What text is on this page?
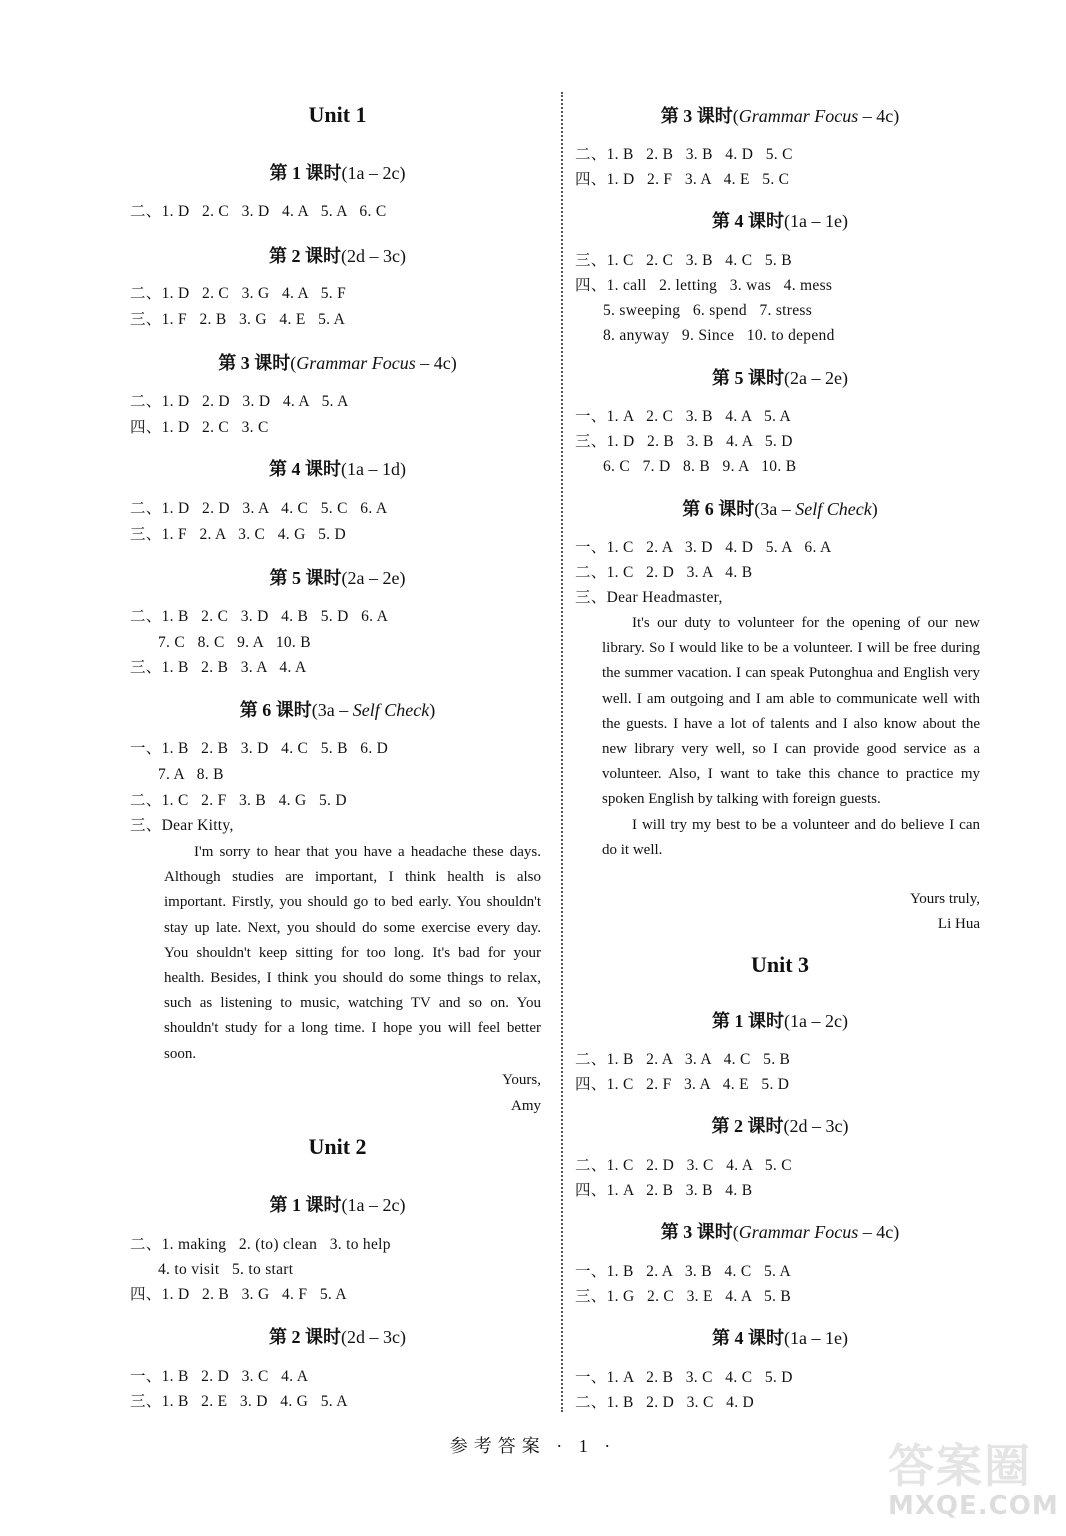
Unit 1
第 1 课时(1a – 2c)
二、1. D   2. C   3. D   4. A   5. A   6. C
第 2 课时(2d – 3c)
二、1. D   2. C   3. G   4. A   5. F
三、1. F   2. B   3. G   4. E   5. A
第 3 课时(Grammar Focus – 4c)
二、1. D   2. D   3. D   4. A   5. A
四、1. D   2. C   3. C
第 4 课时(1a – 1d)
二、1. D   2. D   3. A   4. C   5. C   6. A
三、1. F   2. A   3. C   4. G   5. D
第 5 课时(2a – 2e)
二、1. B   2. C   3. D   4. B   5. D   6. A
7. C   8. C   9. A   10. B
三、1. B   2. B   3. A   4. A
第 6 课时(3a – Self Check)
一、1. B   2. B   3. D   4. C   5. B   6. D
7. A   8. B
二、1. C   2. F   3. B   4. G   5. D
三、Dear Kitty,
I'm sorry to hear that you have a headache these days. Although studies are important, I think health is also important. Firstly, you should go to bed early. You shouldn't stay up late. Next, you should do some exercise every day. You shouldn't keep sitting for too long. It's bad for your health. Besides, I think you should do some things to relax, such as listening to music, watching TV and so on. You shouldn't study for a long time. I hope you will feel better soon.
Yours,
Amy
Unit 2
第 1 课时(1a – 2c)
二、1. making   2. (to) clean   3. to help
4. to visit   5. to start
四、1. D   2. B   3. G   4. F   5. A
第 2 课时(2d – 3c)
一、1. B   2. D   3. C   4. A
三、1. B   2. E   3. D   4. G   5. A
第 3 课时(Grammar Focus – 4c)
二、1. B   2. B   3. B   4. D   5. C
四、1. D   2. F   3. A   4. E   5. C
第 4 课时(1a – 1e)
三、1. C   2. C   3. B   4. C   5. B
四、1. call   2. letting   3. was   4. mess
5. sweeping   6. spend   7. stress
8. anyway   9. Since   10. to depend
第 5 课时(2a – 2e)
一、1. A   2. C   3. B   4. A   5. A
三、1. D   2. B   3. B   4. A   5. D
6. C   7. D   8. B   9. A   10. B
第 6 课时(3a – Self Check)
一、1. C   2. A   3. D   4. D   5. A   6. A
二、1. C   2. D   3. A   4. B
三、Dear Headmaster,
It's our duty to volunteer for the opening of our new library. So I would like to be a volunteer. I will be free during the summer vacation. I can speak Putonghua and English very well. I am outgoing and I am able to communicate well with the guests. I have a lot of talents and I also know about the new library very well, so I can provide good service as a volunteer. Also, I want to take this chance to practice my spoken English by talking with foreign guests.
I will try my best to be a volunteer and do believe I can do it well.
Yours truly,
Li Hua
Unit 3
第 1 课时(1a – 2c)
二、1. B   2. A   3. A   4. C   5. B
四、1. C   2. F   3. A   4. E   5. D
第 2 课时(2d – 3c)
二、1. C   2. D   3. C   4. A   5. C
四、1. A   2. B   3. B   4. B
第 3 课时(Grammar Focus – 4c)
一、1. B   2. A   3. B   4. C   5. A
三、1. G   2. C   3. E   4. A   5. B
第 4 课时(1a – 1e)
一、1. A   2. B   3. C   4. C   5. D
二、1. B   2. D   3. C   4. D
参考答案 · 1 ·	答案圈
MXQE.COM
